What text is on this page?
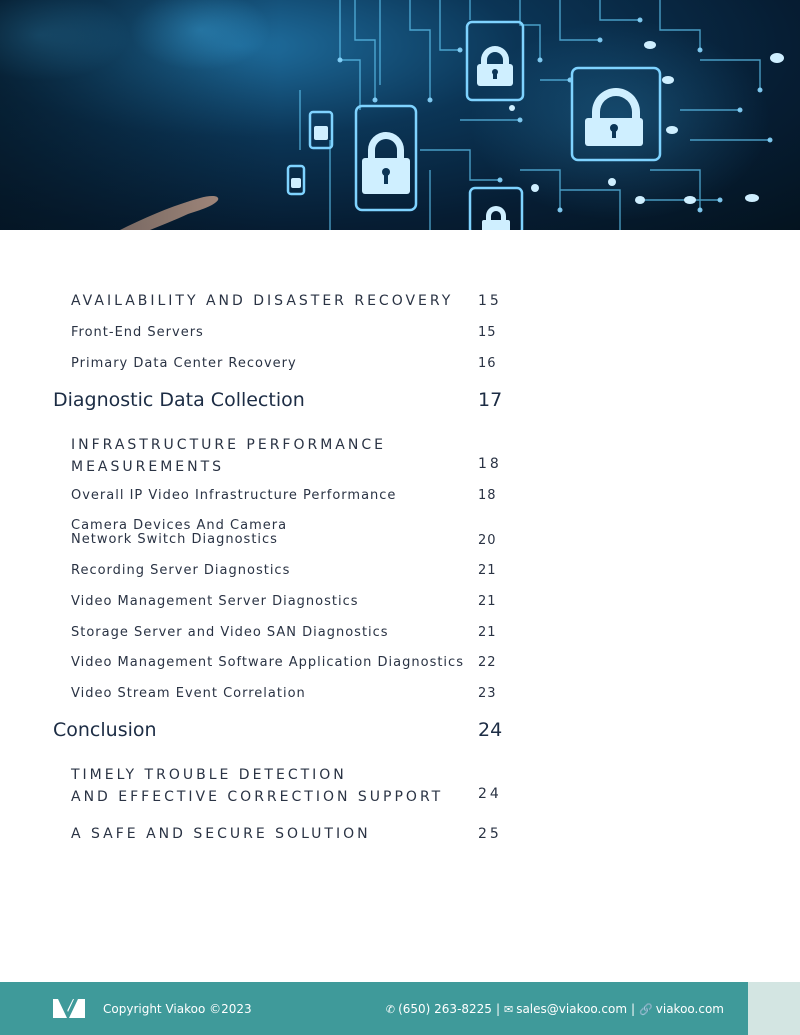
AVAILABILITY AND DISASTER RECOVERY 15
Front-End Servers	15
Primary Data Center Recovery	16
Diagnostic Data Collection	17
INFRASTRUCTURE PERFORMANCE
MEASUREMENTS	18
Overall IP Video Infrastructure Performance	18
Camera Devices And Camera
Network Switch Diagnostics	20
Recording Server Diagnostics	21
Video Management Server Diagnostics	21
Storage Server and Video SAN Diagnostics	21
Video Management Software Application Diagnostics 22
Video Stream Event Correlation	23
Conclusion	24
TIMELY TROUBLE DETECTION
AND EFFECTIVE CORRECTION SUPPORT 24
A SAFE AND SECURE SOLUTION	25
Copyright Viakoo ©2023	✆ (650) 263-8225 | ✉ sales@viakoo.com | 🔗 viakoo.com
